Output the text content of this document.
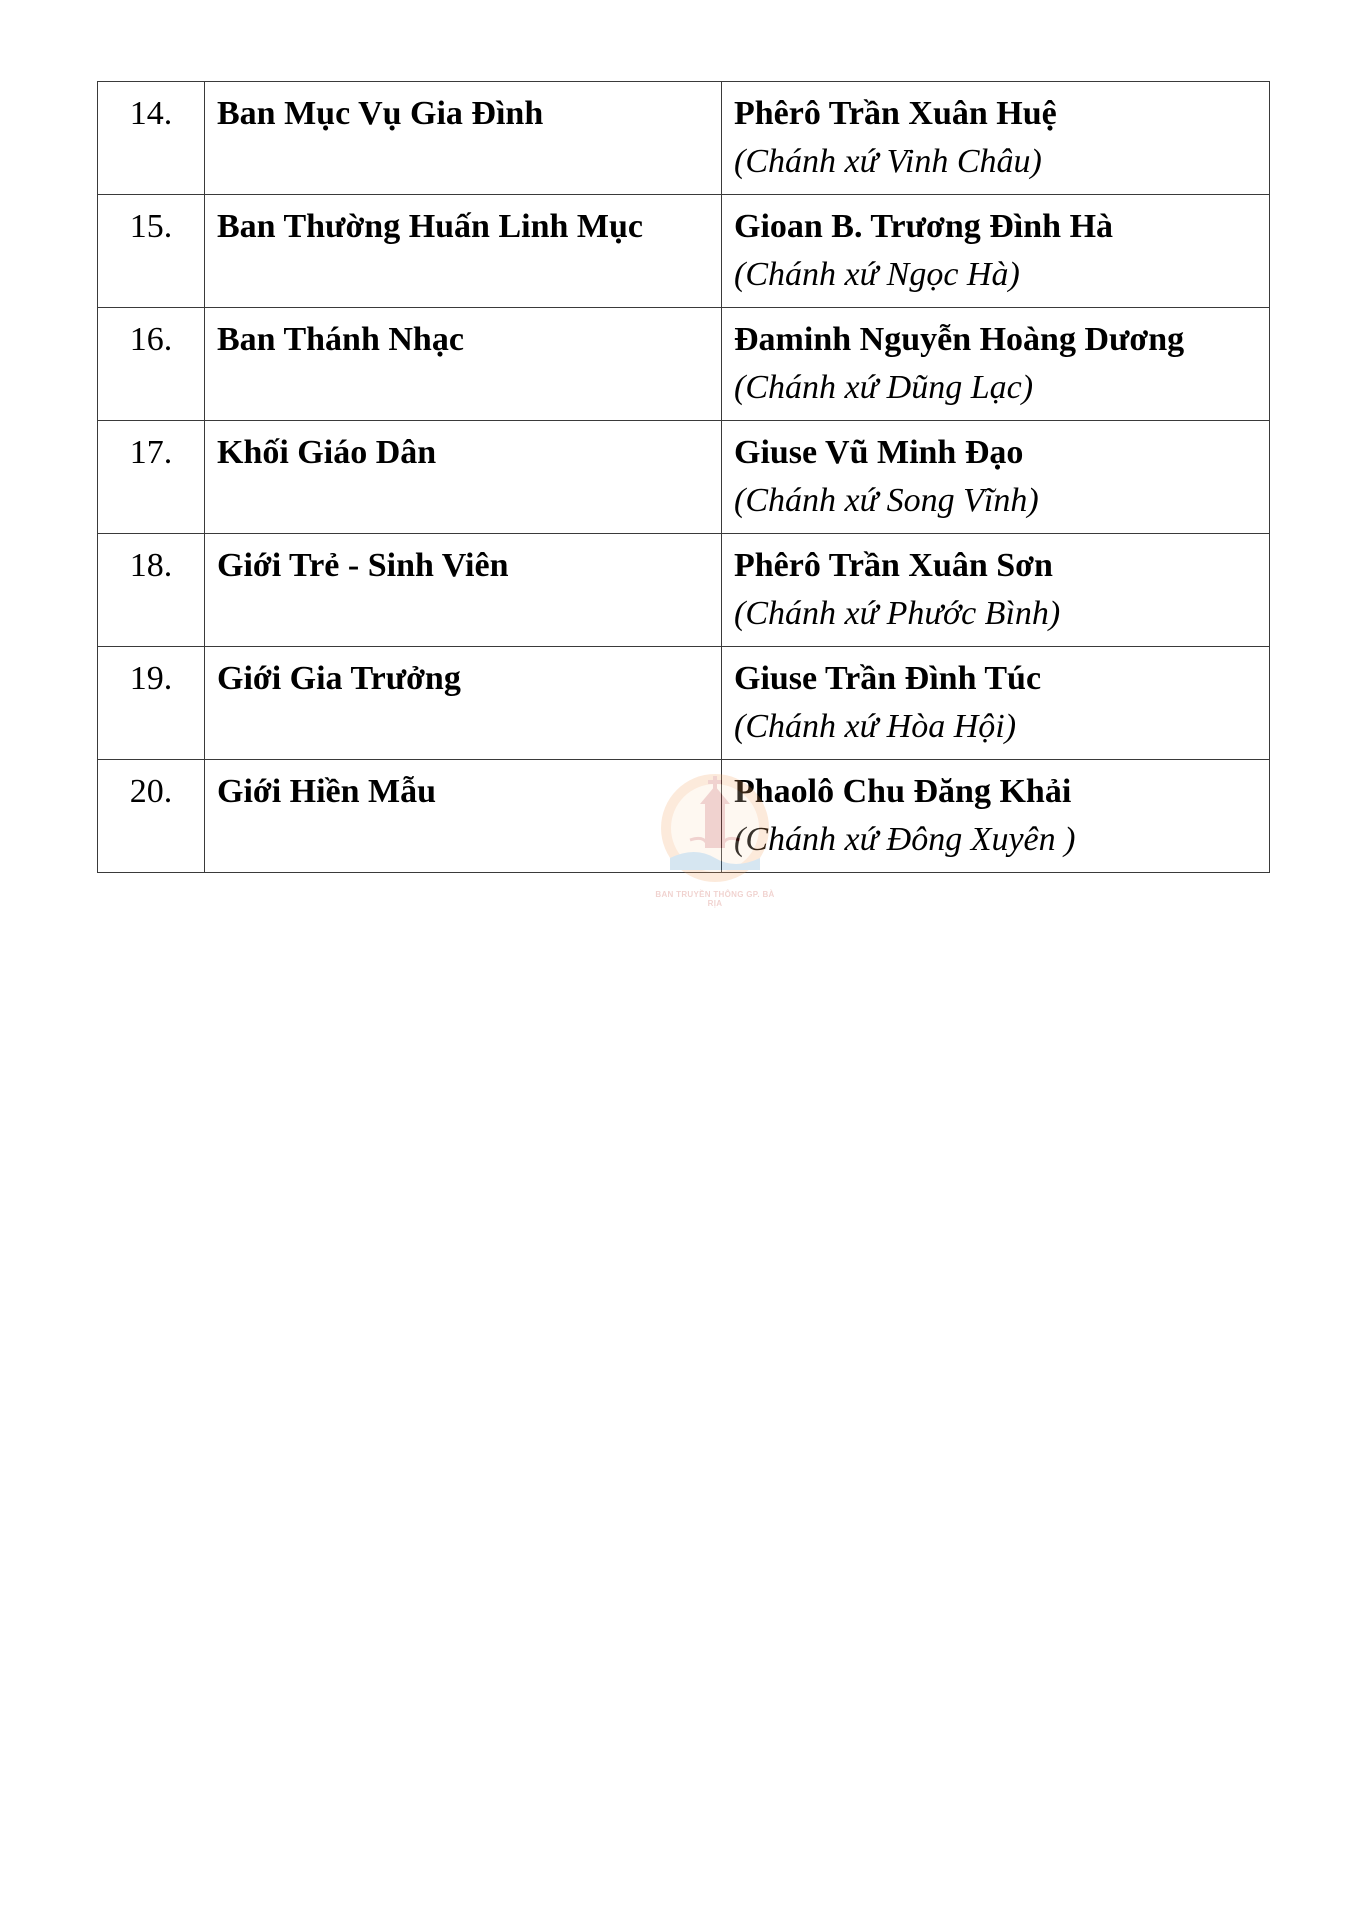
14.	Ban Mục Vụ Gia Đình	Phêrô Trần Xuân Huệ
(Chánh xứ Vinh Châu)

15.	Ban Thường Huấn Linh Mục	Gioan B. Trương Đình Hà
(Chánh xứ Ngọc Hà)

16.	Ban Thánh Nhạc	Đaminh Nguyễn Hoàng Dương
(Chánh xứ Dũng Lạc)

17.	Khối Giáo Dân	Giuse Vũ Minh Đạo
(Chánh xứ Song Vĩnh)

18.	Giới Trẻ - Sinh Viên	Phêrô Trần Xuân Sơn
(Chánh xứ Phước Bình)

19.	Giới Gia Trưởng	Giuse Trần Đình Túc
(Chánh xứ Hòa Hội)

20.	Giới Hiền Mẫu	Phaolô Chu Đăng Khải
(Chánh xứ Đông Xuyên )
BAN TRUYỀN THÔNG GP. BÀ RỊA
